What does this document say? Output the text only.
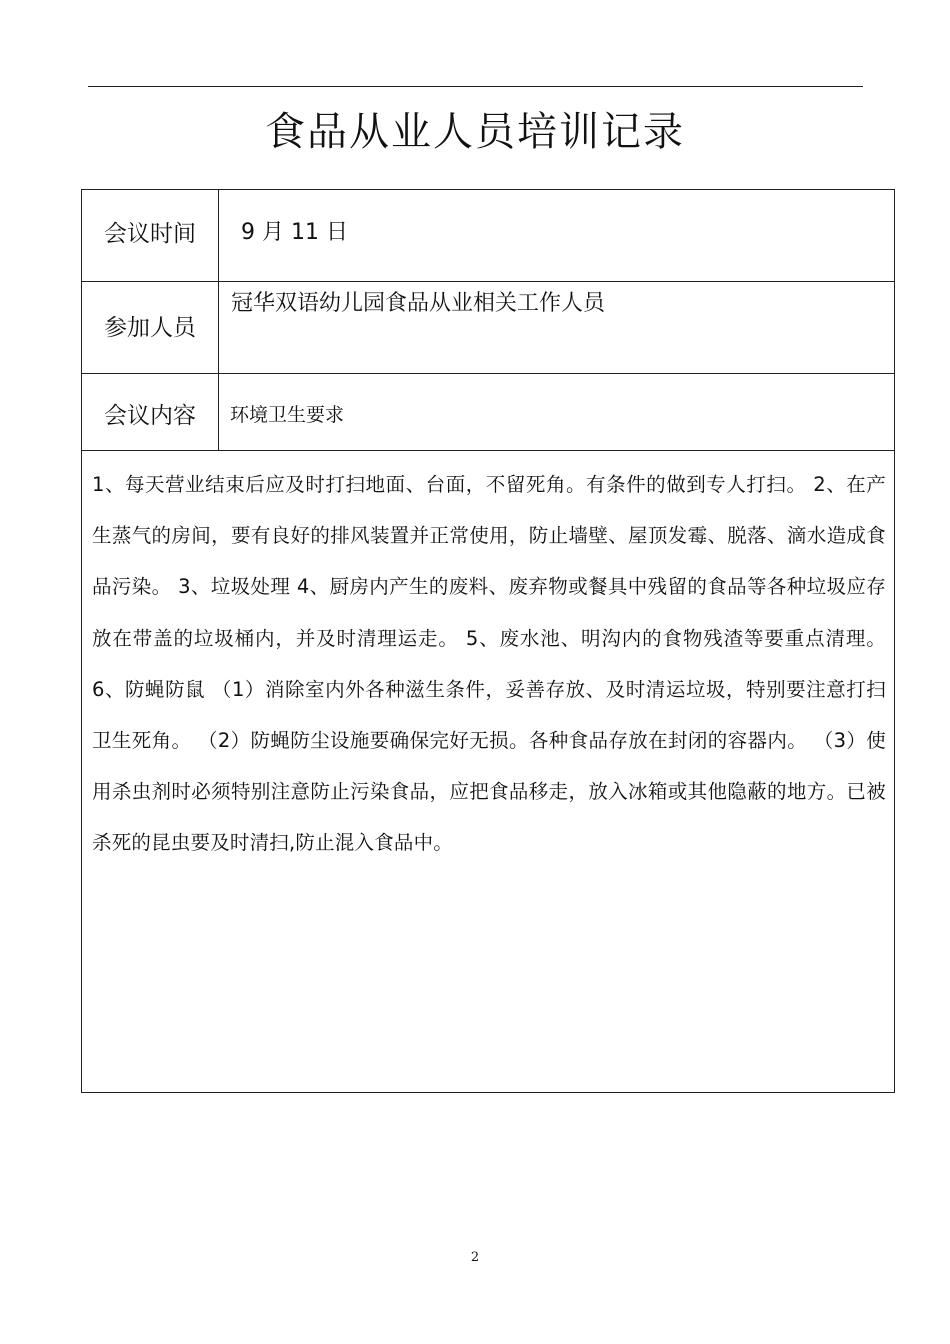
食品从业人员培训记录
会议时间	9 月 11 日
参加人员
冠华双语幼儿园食品从业相关工作人员
会议内容	环境卫生要求

1、每天营业结束后应及时打扫地面、台面，不留死角。有条件的做到专人打扫。 2、在产生蒸气的房间，要有良好的排风装置并正常使用，防止墙壁、屋顶发霉、脱落、滴水造成食品污染。 3、垃圾处理 4、厨房内产生的废料、废弃物或餐具中残留的食品等各种垃圾应存放在带盖的垃圾桶内，并及时清理运走。 5、废水池、明沟内的食物残渣等要重点清理。 6、防蝇防鼠 （1）消除室内外各种滋生条件，妥善存放、及时清运垃圾，特别要注意打扫卫生死角。 （2）防蝇防尘设施要确保完好无损。各种食品存放在封闭的容器内。 （3）使用杀虫剂时必须特别注意防止污染食品，应把食品移走，放入冰箱或其他隐蔽的地方。已被杀死的昆虫要及时清扫,防止混入食品中。

2
